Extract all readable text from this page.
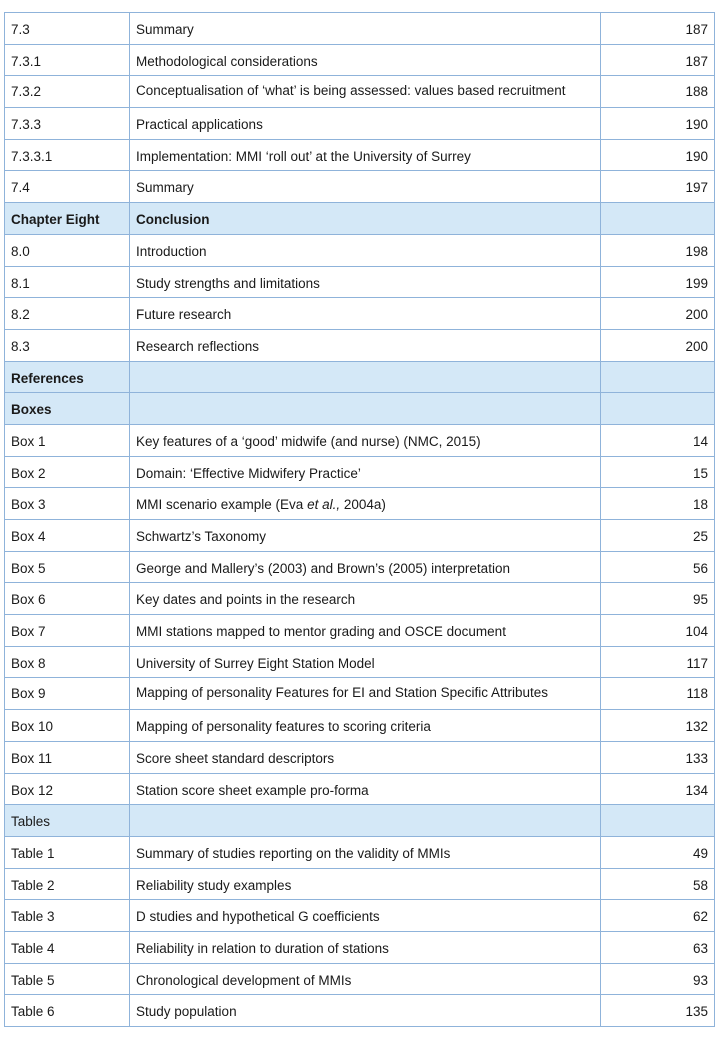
7.3	Summary	187
7.3.1	Methodological considerations	187
7.3.2	Conceptualisation of ‘what’ is being assessed: values based recruitment	188
7.3.3	Practical applications	190
7.3.3.1	Implementation: MMI ‘roll out’ at the University of Surrey	190
7.4	Summary	197
Chapter Eight	Conclusion	
8.0	Introduction	198
8.1	Study strengths and limitations	199
8.2	Future research	200
8.3	Research reflections	200
References		
Boxes		
Box 1	Key features of a ‘good’ midwife (and nurse) (NMC, 2015)	14
Box 2	Domain: ‘Effective Midwifery Practice’	15
Box 3	MMI scenario example (Eva et al., 2004a)	18
Box 4	Schwartz’s Taxonomy	25
Box 5	George and Mallery’s (2003) and Brown’s (2005) interpretation	56
Box 6	Key dates and points in the research	95
Box 7	MMI stations mapped to mentor grading and OSCE document	104
Box 8	University of Surrey Eight Station Model	117
Box 9	Mapping of personality Features for EI and Station Specific Attributes	118
Box 10	Mapping of personality features to scoring criteria	132
Box 11	Score sheet standard descriptors	133
Box 12	Station score sheet example pro-forma	134
Tables		
Table 1	Summary of studies reporting on the validity of MMIs	49
Table 2	Reliability study examples	58
Table 3	D studies and hypothetical G coefficients	62
Table 4	Reliability in relation to duration of stations	63
Table 5	Chronological development of MMIs	93
Table 6	Study population	135
